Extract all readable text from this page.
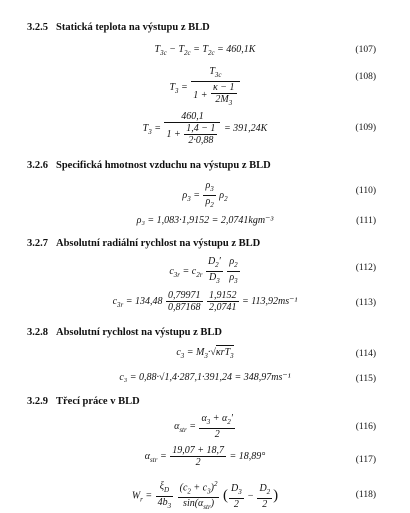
3.2.5 Statická teplota na výstupu z BLD
$T_{3c} - T_{2c} = T_{2c} = 460,1K$	(107)
$T_3 = \frac{T_{3c}}{1 + \frac{\kappa - 1}{2M_3}}$	(108)
$T_3 = \frac{460,1}{1 + \frac{1,4 - 1}{2\cdot 0,88}} = 391,24K$	(109)
3.2.6 Specifická hmotnost vzduchu na výstupu z BLD
$\rho_3 = \frac{\rho_3}{\rho_2} \rho_2$
(110)
ρ₃ = 1,083·1,9152 = 2,0741kgm⁻³	(111)
3.2.7 Absolutní radiální rychlost na výstupu z BLD
$c_{3r} = c_{2r} \frac{D_2'}{D_3}$
$\frac{\rho_2}{\rho_3}$	(112)
$c_{3r} = 134,48 \frac{0,79971}{0,87168}$
$\frac{1,9152}{2,0741} = 113,92ms^{-1}$	(113)
3.2.8 Absolutní rychlost na výstupu z BLD
$c_3 = M_3\cdot√\kappa rT_3$	(114)
c₃ = 0,88·√1,4·287,1·391,24 = 348,97ms⁻¹	(115)
3.2.9 Třecí práce v BLD
$\alpha_{str} = \frac{\alpha_3 + \alpha_2'}{2}$	(116)
$\alpha_{str} = \frac{19,07 + 18,7}{2} = 18,89^\circ$	(117)
$W_r = \frac{\xi_D}{4b_3}$
$\frac{(c_2 + c_3)^2}{\sin(\alpha_{str})}$ ( $\frac{D_3}{2} - \frac{D_2}{2}$ )	(118)
